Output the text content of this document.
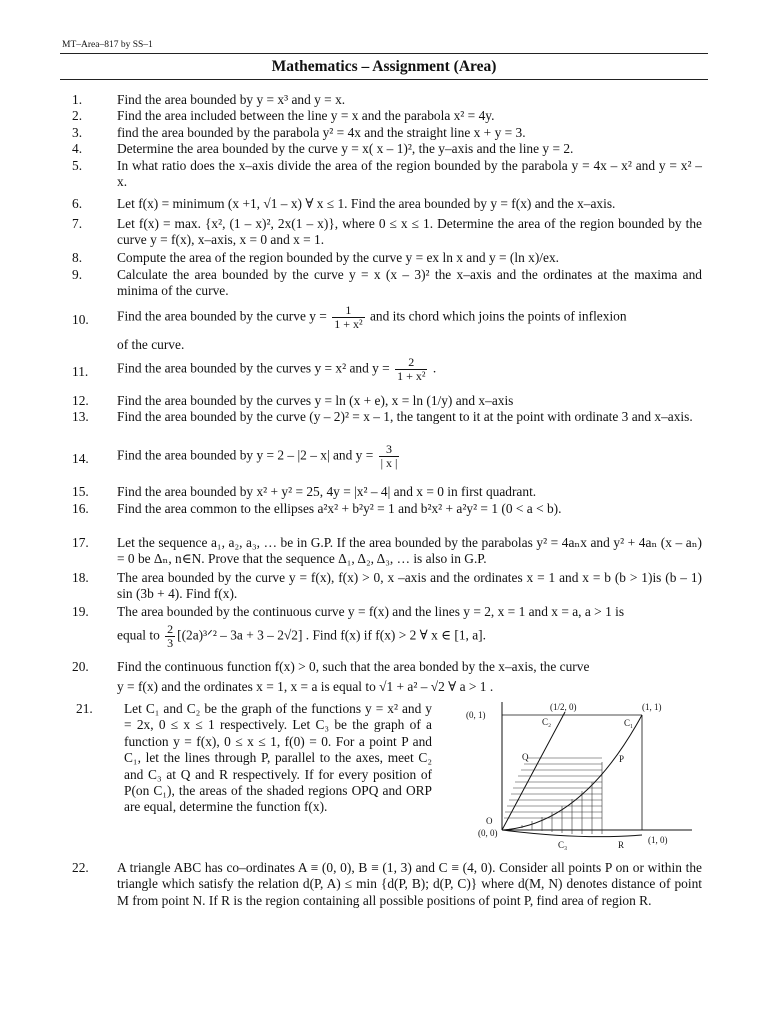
MT–Area–817 by SS–1
Mathematics – Assignment (Area)
1.	Find the area bounded by y = x³ and y = x.
2.	Find the area included between the line y = x and the parabola x² = 4y.
3.	find the area bounded by the parabola y² = 4x and the straight line x + y = 3.
4.	Determine the area bounded by the curve y = x( x – 1)², the y–axis and the line y = 2.
5.	In what ratio does the x–axis divide the area of the region bounded by the parabola y = 4x – x² and y = x² – x.
6.	Let f(x) = minimum (x +1, √1 – x) ∀ x ≤ 1. Find the area bounded by y = f(x) and the x–axis.
7.	Let f(x) = max. {x², (1 – x)², 2x(1 – x)}, where 0 ≤ x ≤ 1. Determine the area of the region bounded by the curve y = f(x), x–axis, x = 0 and x = 1.
8.	Compute the area of the region bounded by the curve y = ex ln x and y = (ln x)/ex.
9.	Calculate the area bounded by the curve y = x (x – 3)² the x–axis and the ordinates at the maxima and minima of the curve.
10. Find the area bounded by the curve $y = \frac{1}{\text{1 + x²}}$ and its chord which joins the points of inflexion
of the curve.
11. Find the area bounded by the curves y = x² and $y = \frac{2}{\text{1 + x²}}$ .
12. Find the area bounded by the curves y = ln (x + e), x = ln (1/y) and x–axis
13. Find the area bounded by the curve (y – 2)² = x – 1, the tangent to it at the point with ordinate 3 and x–axis.
14. Find the area bounded by y = 2 – |2 – x| and $y = \frac{3}{| x |}$
15. Find the area bounded by x² + y² = 25, 4y = |x² – 4| and x = 0 in first quadrant.
16. Find the area common to the ellipses a²x² + b²y² = 1 and b²x² + a²y² = 1 (0 < a < b).
17. Let the sequence a₁, a₂, a₃, … be in G.P. If the area bounded by the parabolas y² = 4aₙx and y² + 4aₙ (x – aₙ) = 0 be Δₙ, n∈N. Prove that the sequence Δ₁, Δ₂, Δ₃, … is also in G.P.
18. The area bounded by the curve y = f(x), f(x) > 0, x –axis and the ordinates x = 1 and x = b (b > 1)is (b – 1) sin (3b + 4). Find f(x).
19. The area bounded by the continuous curve y = f(x) and the lines y = 2, x = 1 and x = a, a > 1 is
equal to $\frac{2}{3}$ [(2a)³ᐟ² – 3a + 3 – 2√2] . Find f(x) if f(x) > 2 ∀ x ∈ [1, a].
20. Find the continuous function f(x) > 0, such that the area bonded by the x–axis, the curve
y = f(x) and the ordinates x = 1, x = a is equal to √1 + a² – √2 ∀ a > 1 .
21. Let C₁ and C₂ be the graph of the functions y = x² and y = 2x, 0 ≤ x ≤ 1 respectively. Let C₃ be the graph of a function y = f(x), 0 ≤ x ≤ 1, f(0) = 0. For a point P and C₁, let the lines through P, parallel to the axes, meet C₂ and C₃ at Q and R respectively. If for every position of P(on C₁), the areas of the shaded regions OPQ and ORP are equal, determine the function f(x).
(0, 1)
(1/2, 0)	(1, 1)
C₂	C₁
Q	P
O
(0, 0)
C₃	R	(1, 0)
22. A triangle ABC has co–ordinates A ≡ (0, 0), B ≡ (1, 3) and C ≡ (4, 0). Consider all points P on or within the triangle which satisfy the relation d(P, A) ≤ min {d(P, B); d(P, C)} where d(M, N) denotes distance of point M from point N. If R is the region containing all possible positions of point P, find area of region R.
